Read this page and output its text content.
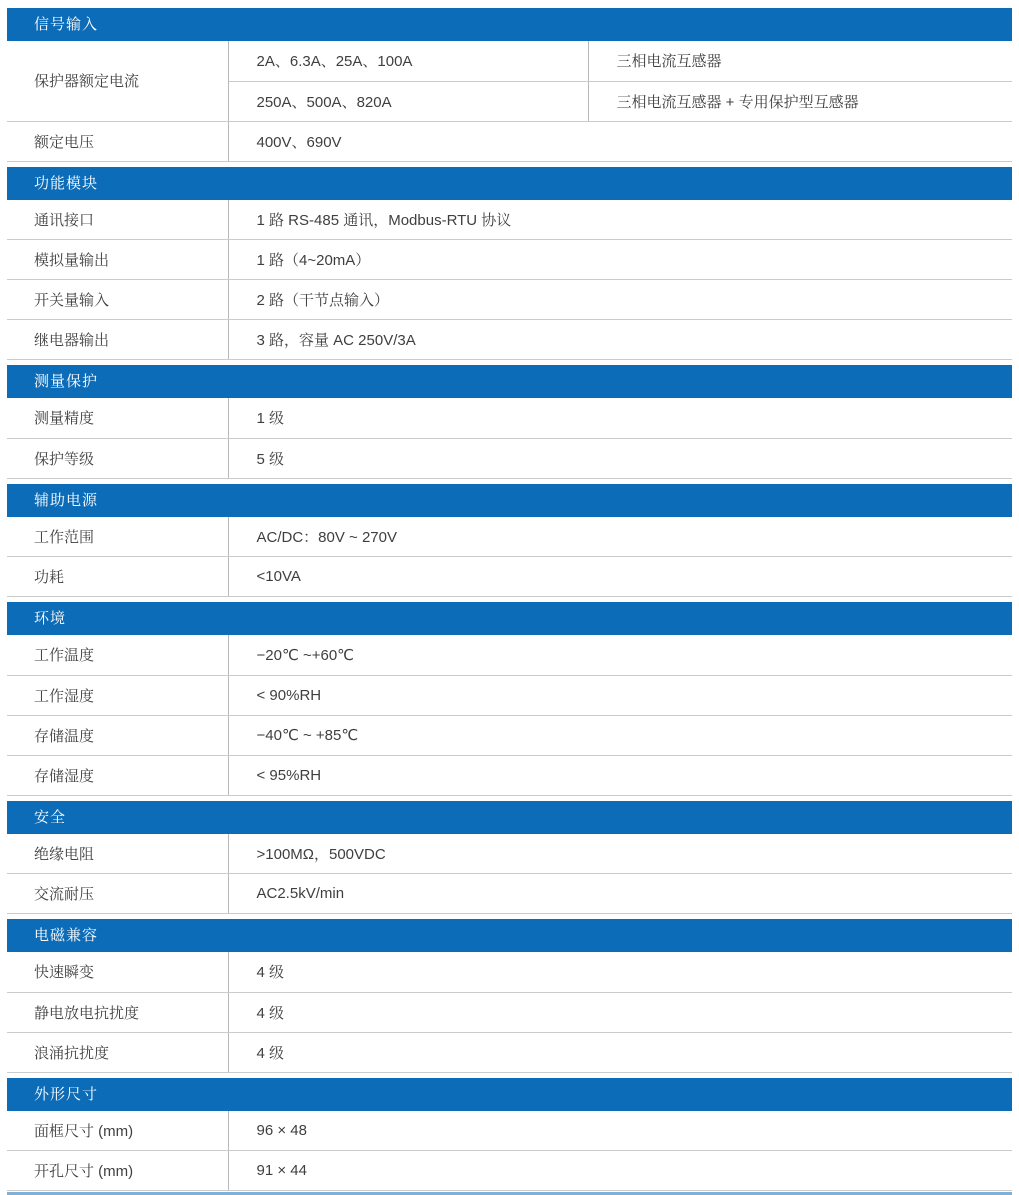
信号输入
保护器额定电流	2A、6.3A、25A、100A	三相电流互感器
	250A、500A、820A	三相电流互感器 + 专用保护型互感器
额定电压	400V、690V	
功能模块
通讯接口	1 路 RS-485 通讯，Modbus-RTU 协议
模拟量输出	1 路（4~20mA）
开关量输入	2 路（干节点输入）
继电器输出	3 路，容量 AC 250V/3A
测量保护
测量精度	1 级
保护等级	5 级
辅助电源
工作范围	AC/DC：80V ~ 270V
功耗	<10VA
环境
工作温度	−20℃ ~+60℃
工作湿度	< 90%RH
存储温度	−40℃ ~ +85℃
存储湿度	< 95%RH
安全
绝缘电阻	>100MΩ，500VDC
交流耐压	AC2.5kV/min
电磁兼容
快速瞬变	4 级
静电放电抗扰度	4 级
浪涌抗扰度	4 级
外形尺寸
面框尺寸 (mm)	96 × 48
开孔尺寸 (mm)	91 × 44
